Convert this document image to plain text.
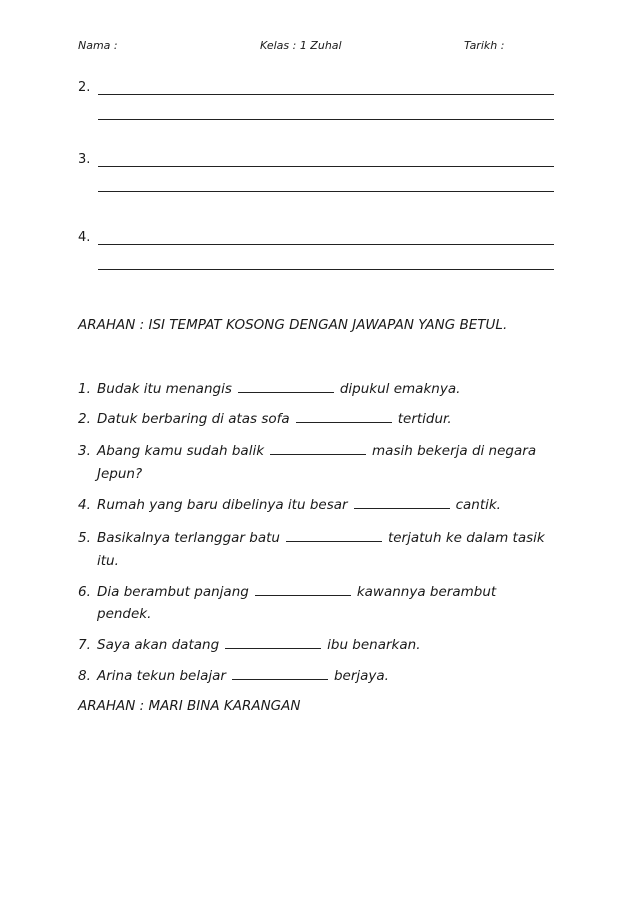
Nama :	Kelas : 1 Zuhal	Tarikh :
2.
3.
4.
ARAHAN : ISI TEMPAT KOSONG DENGAN JAWAPAN YANG BETUL.
1. Budak itu menangis	dipukul emaknya.
2. Datuk berbaring di atas sofa	tertidur.
3. Abang kamu sudah balik	masih bekerja di negara
Jepun?
4. Rumah yang baru dibelinya itu besar	cantik.
5. Basikalnya terlanggar batu	terjatuh ke dalam tasik
itu.
6. Dia berambut panjang	kawannya berambut
pendek.
7. Saya akan datang	ibu benarkan.
8. Arina tekun belajar	berjaya.
ARAHAN : MARI BINA KARANGAN
